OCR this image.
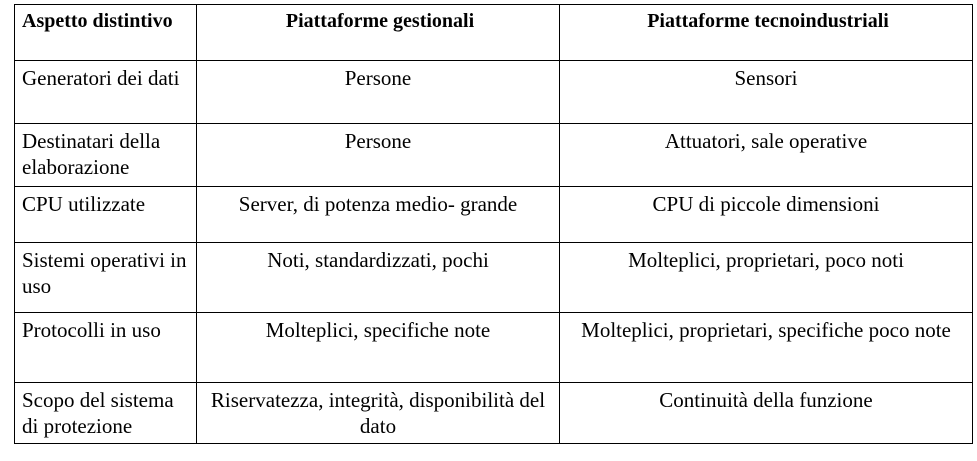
Aspetto distintivo	Piattaforme gestionali	Piattaforme tecnoindustriali
Generatori dei dati	Persone	Sensori
Destinatari della elaborazione	Persone	Attuatori, sale operative
CPU utilizzate	Server, di potenza medio- grande	CPU di piccole dimensioni
Sistemi operativi in uso	Noti, standardizzati, pochi	Molteplici, proprietari, poco noti
Protocolli in uso	Molteplici, specifiche note	Molteplici, proprietari, specifiche poco note
Scopo del sistema di protezione	Riservatezza, integrità, disponibilità del dato	Continuità della funzione
